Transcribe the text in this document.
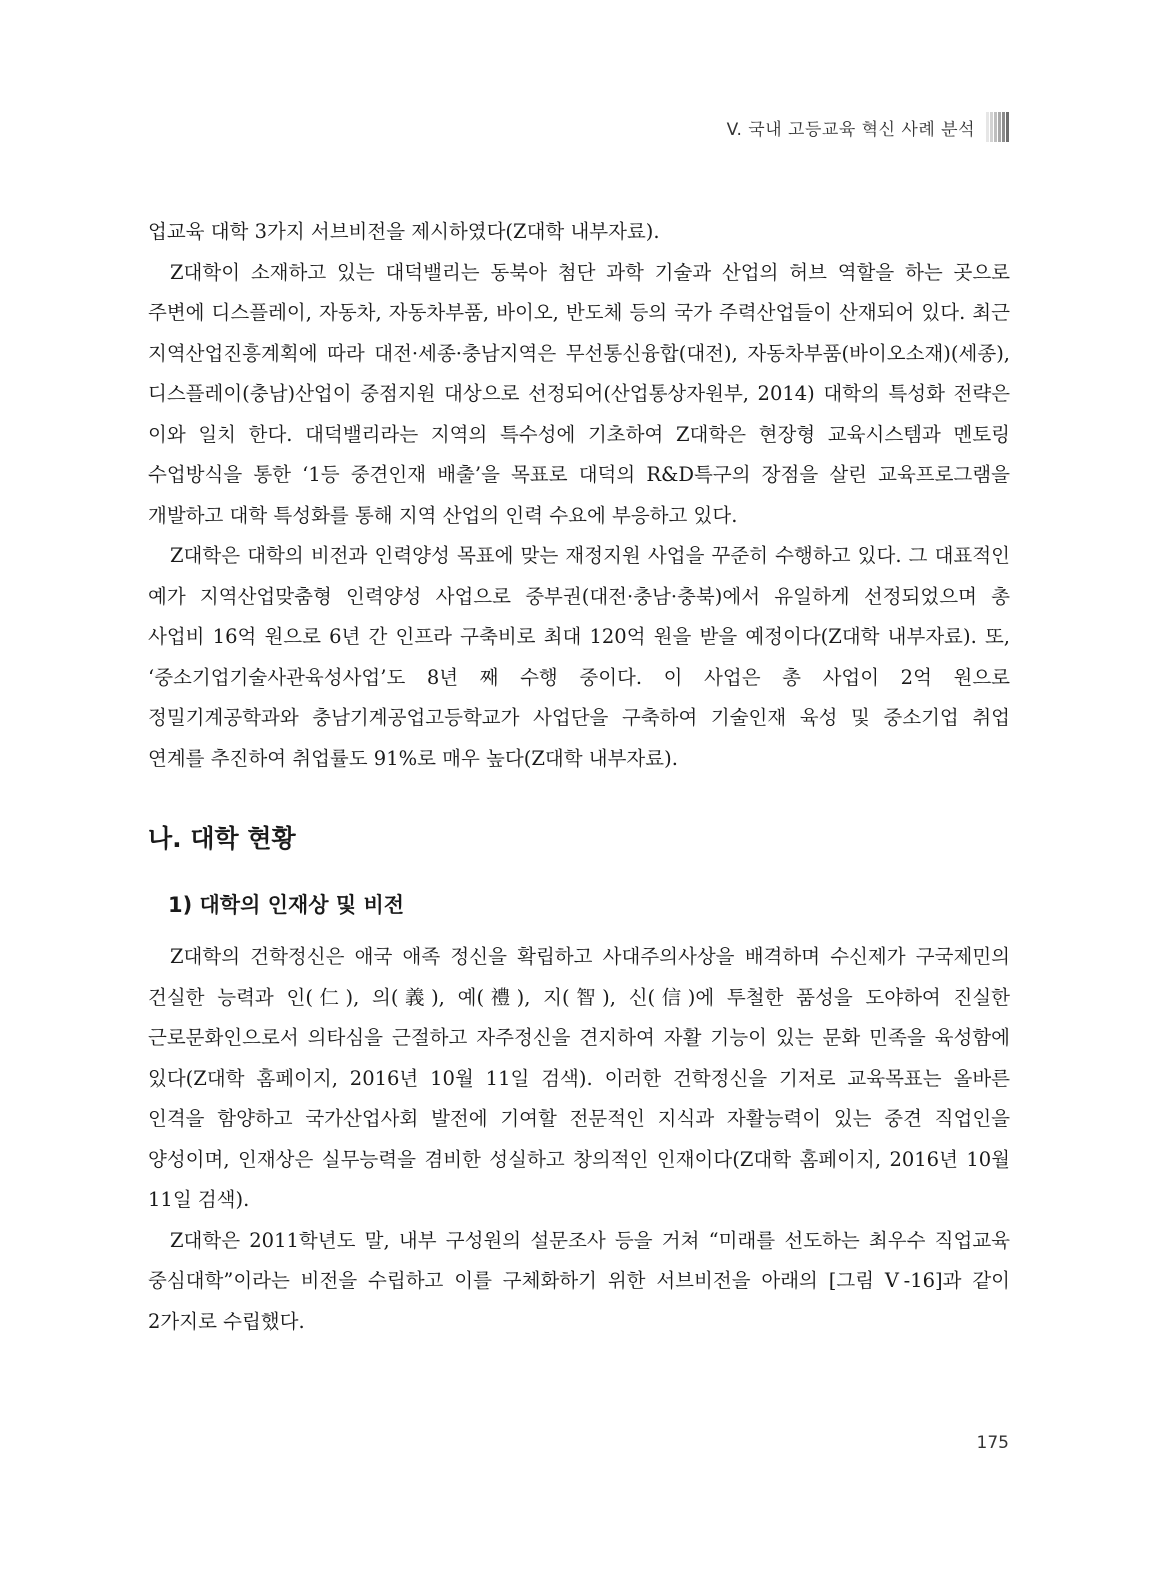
V. 국내 고등교육 혁신 사례 분석

업교육 대학 3가지 서브비전을 제시하였다(Z대학 내부자료).

Z대학이 소재하고 있는 대덕밸리는 동북아 첨단 과학 기술과 산업의 허브 역할을 하는 곳으로 주변에 디스플레이, 자동차, 자동차부품, 바이오, 반도체 등의 국가 주력산업들이 산재되어 있다. 최근 지역산업진흥계획에 따라 대전·세종·충남지역은 무선통신융합(대전), 자동차부품(바이오소재)(세종), 디스플레이(충남)산업이 중점지원 대상으로 선정되어(산업통상자원부, 2014) 대학의 특성화 전략은 이와 일치 한다. 대덕밸리라는 지역의 특수성에 기초하여 Z대학은 현장형 교육시스템과 멘토링 수업방식을 통한 ‘1등 중견인재 배출’을 목표로 대덕의 R&D특구의 장점을 살린 교육프로그램을 개발하고 대학 특성화를 통해 지역 산업의 인력 수요에 부응하고 있다.

Z대학은 대학의 비전과 인력양성 목표에 맞는 재정지원 사업을 꾸준히 수행하고 있다. 그 대표적인 예가 지역산업맞춤형 인력양성 사업으로 중부권(대전·충남·충북)에서 유일하게 선정되었으며 총 사업비 16억 원으로 6년 간 인프라 구축비로 최대 120억 원을 받을 예정이다(Z대학 내부자료). 또, ‘중소기업기술사관육성사업’도 8년 째 수행 중이다. 이 사업은 총 사업이 2억 원으로 정밀기계공학과와 충남기계공업고등학교가 사업단을 구축하여 기술인재 육성 및 중소기업 취업 연계를 추진하여 취업률도 91%로 매우 높다(Z대학 내부자료).

나. 대학 현황
1) 대학의 인재상 및 비전

Z대학의 건학정신은 애국 애족 정신을 확립하고 사대주의사상을 배격하며 수신제가 구국제민의 건실한 능력과 인(仁), 의(義), 예(禮), 지(智), 신(信)에 투철한 품성을 도야하여 진실한 근로문화인으로서 의타심을 근절하고 자주정신을 견지하여 자활 기능이 있는 문화 민족을 육성함에 있다(Z대학 홈페이지, 2016년 10월 11일 검색). 이러한 건학정신을 기저로 교육목표는 올바른 인격을 함양하고 국가산업사회 발전에 기여할 전문적인 지식과 자활능력이 있는 중견 직업인을 양성이며, 인재상은 실무능력을 겸비한 성실하고 창의적인 인재이다(Z대학 홈페이지, 2016년 10월 11일 검색).

Z대학은 2011학년도 말, 내부 구성원의 설문조사 등을 거쳐 “미래를 선도하는 최우수 직업교육 중심대학”이라는 비전을 수립하고 이를 구체화하기 위한 서브비전을 아래의 [그림 Ⅴ-16]과 같이 2가지로 수립했다.

175
